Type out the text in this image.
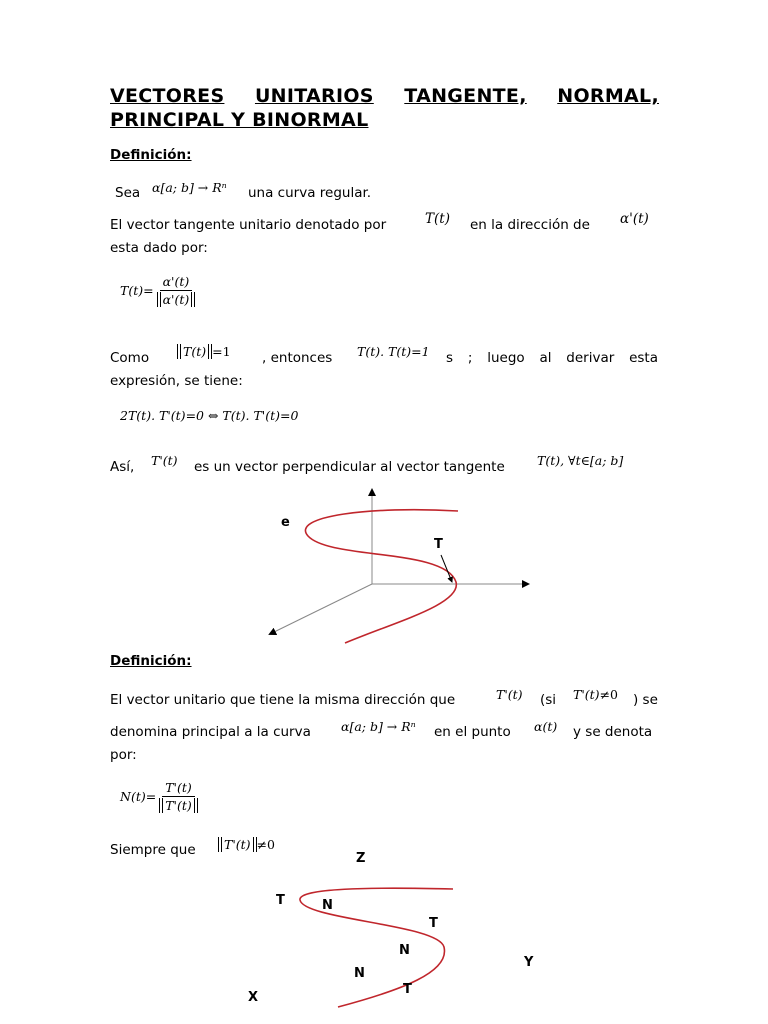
VECTORES UNITARIOS TANGENTE, NORMAL,
PRINCIPAL Y BINORMAL
Definición:
Sea α[a; b] → Rⁿ una curva regular.
El vector tangente unitario denotado por	T(t) en la dirección de α'(t)
esta dado por:
$T(t)= \frac{\alpha'(t)}{\alpha'(t)}$
Como	T(t) =1 , entonces T(t). T(t)=1 s ; luego al derivar esta
expresión, se tiene:
2T(t). T'(t)=0 ⇔ T(t). T'(t)=0
Así, T'(t) es un vector perpendicular al vector tangente	T(t), ∀t∈[a; b]
e
T
Definición:
El vector unitario que tiene la misma dirección que	T'(t) (si T'(t) ≠0 ) se
denomina principal a la curva α[a; b] → Rⁿ en el punto α(t) y se denota
por:
$N(t)= \frac{T'(t)}{T'(t)}$
Siempre que	T'(t) ≠0
Z
T	N
T
N
N
Y
T
X
